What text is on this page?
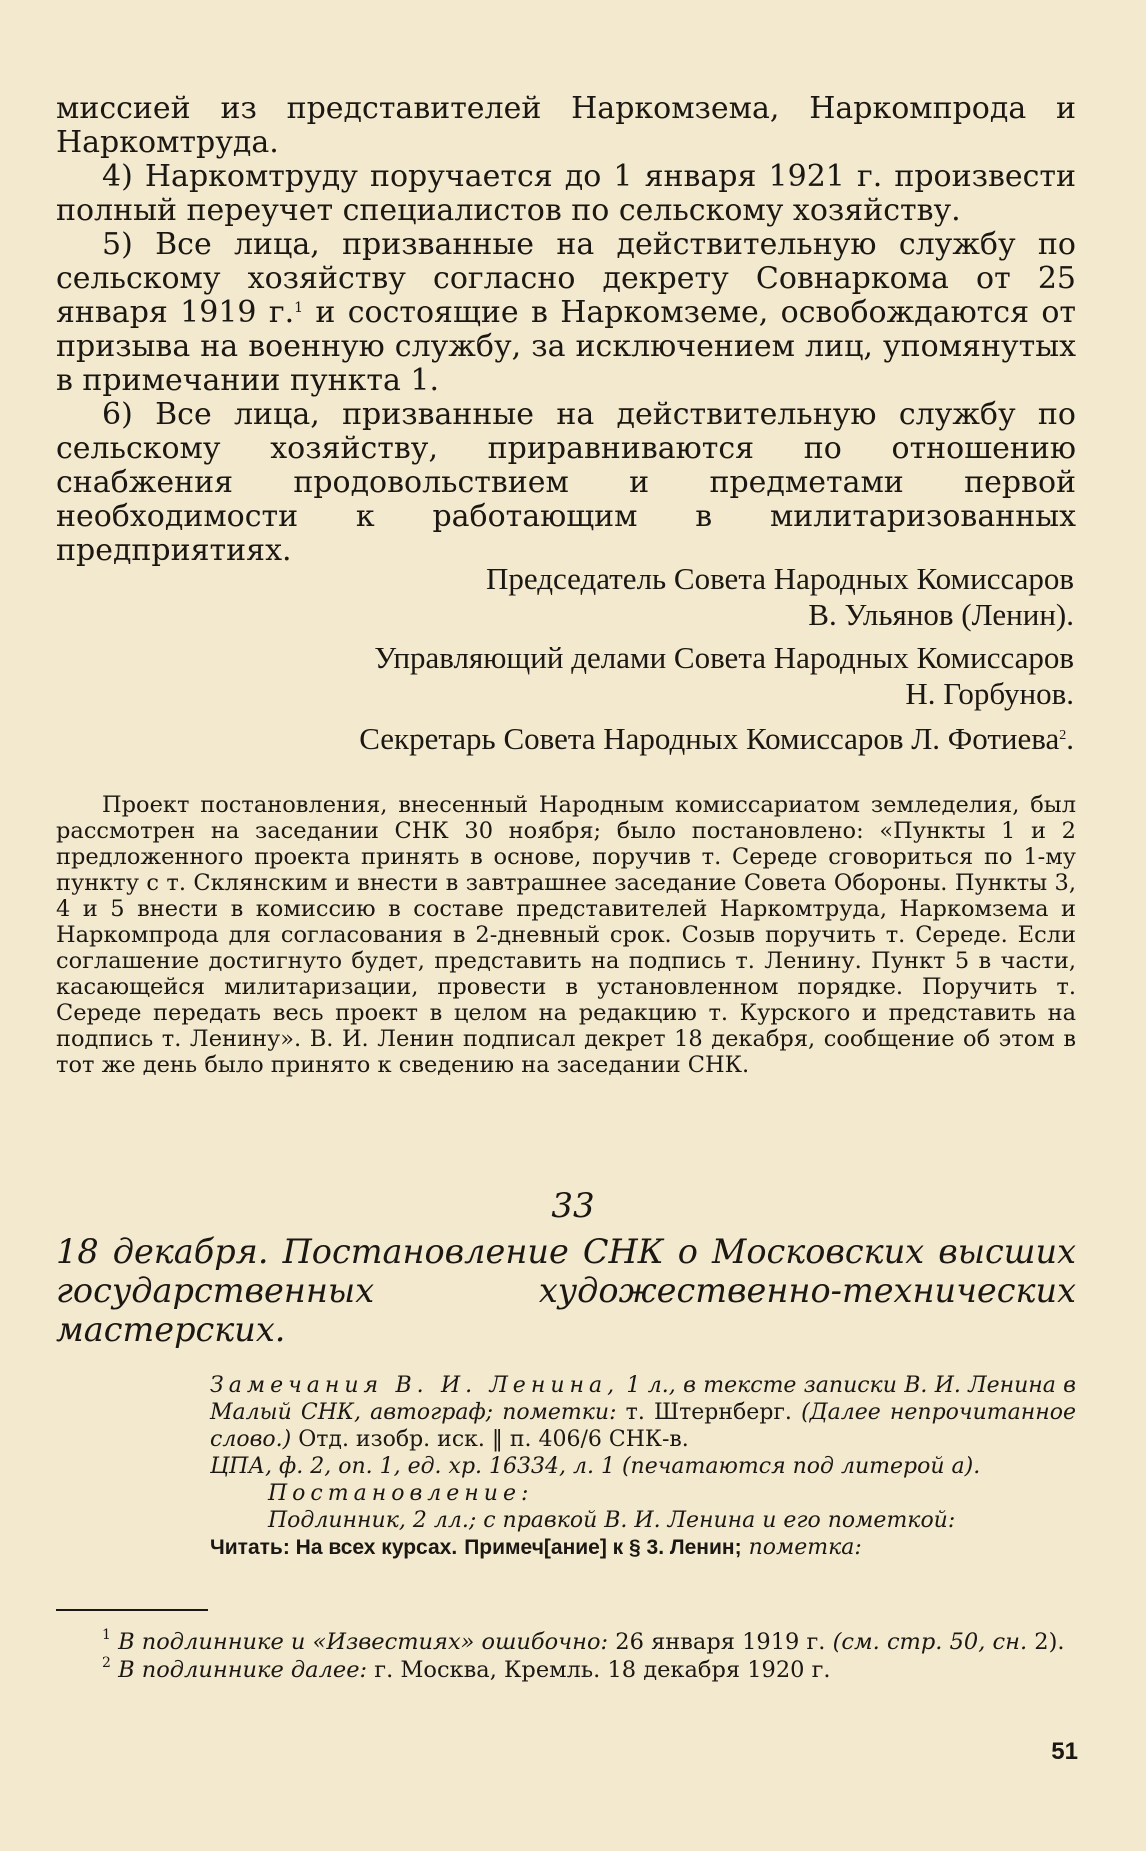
миссией из представителей Наркомзема, Наркомпрода и Наркомтруда.

4) Наркомтруду поручается до 1 января 1921 г. произвести полный переучет специалистов по сельскому хозяйству.

5) Все лица, призванные на действительную службу по сельскому хозяйству согласно декрету Совнаркома от 25 января 1919 г.$^1$ и состоящие в Наркомземе, освобождаются от призыва на военную службу, за исключением лиц, упомянутых в примечании пункта 1.

6) Все лица, призванные на действительную службу по сельскому хозяйству, приравниваются по отношению снабжения продовольствием и предметами первой необходимости к работающим в милитаризованных предприятиях.

Председатель Совета Народных Комиссаров
В. Ульянов (Ленин).
Управляющий делами Совета Народных Комиссаров
Н. Горбунов.
Секретарь Совета Народных Комиссаров Л. Фотиева$^2$.

Проект постановления, внесенный Народным комиссариатом земледелия, был рассмотрен на заседании СНК 30 ноября; было постановлено: «Пункты 1 и 2 предложенного проекта принять в основе, поручив т. Середе сговориться по 1-му пункту с т. Склянским и внести в завтрашнее заседание Совета Обороны. Пункты 3, 4 и 5 внести в комиссию в составе представителей Наркомтруда, Наркомзема и Наркомпрода для согласования в 2-дневный срок. Созыв поручить т. Середе. Если соглашение достигнуто будет, представить на подпись т. Ленину. Пункт 5 в части, касающейся милитаризации, провести в установленном порядке. Поручить т. Середе передать весь проект в целом на редакцию т. Курского и представить на подпись т. Ленину». В. И. Ленин подписал декрет 18 декабря, сообщение об этом в тот же день было принято к сведению на заседании СНК.

33
18 декабря. Постановление СНК о Московских высших государственных художественно-технических мастерских.

Замечания В. И. Ленина, 1 л., в тексте записки В. И. Ленина в Малый СНК, автограф; пометки: т. Штернберг. (Далее непрочитанное слово.) Отд. изобр. иск. ‖ п. 406/6 СНК-в.

ЦПА, ф. 2, оп. 1, ед. хр. 16334, л. 1 (печатаются под литерой а).

Постановление:

Подлинник, 2 лл.; с правкой В. И. Ленина и его пометкой:

Читать: На всех курсах. Примеч[ание] к § 3. Ленин; пометка:

$^1$ В подлиннике и «Известиях» ошибочно: 26 января 1919 г. (см. стр. 50, сн. 2).

$^2$ В подлиннике далее: г. Москва, Кремль. 18 декабря 1920 г.

51
